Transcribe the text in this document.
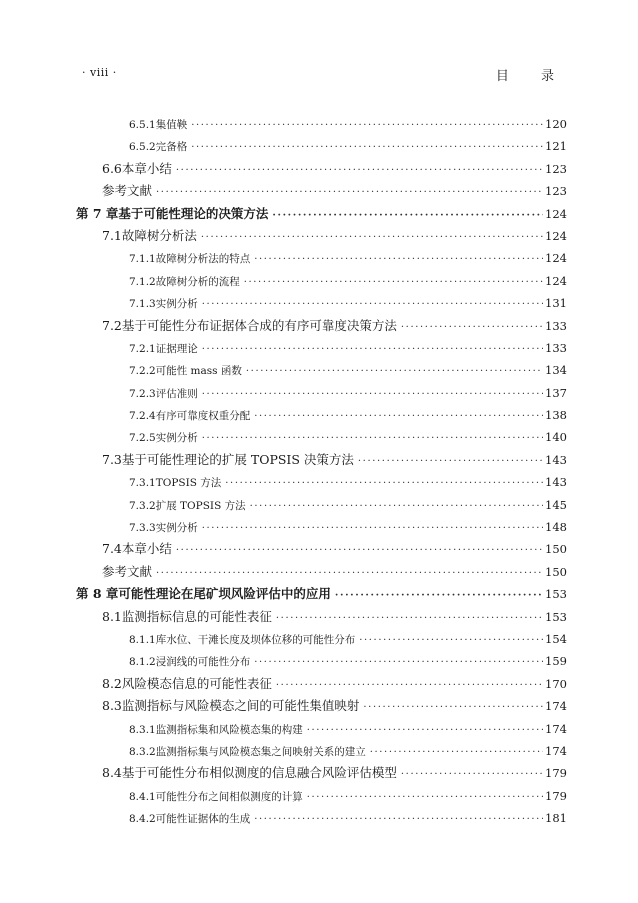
· viii ·	目 录
6.5.1 集值鞅 ·····	120
6.5.2 完备格 ·····	121
6.6 本章小结 ·····	123
参考文献 ·····	123
第 7 章 基于可能性理论的决策方法 ·····	124
7.1 故障树分析法 ·····	124
7.1.1 故障树分析法的特点 ·····	124
7.1.2 故障树分析的流程 ·····	124
7.1.3 实例分析 ·····	131
7.2 基于可能性分布证据体合成的有序可靠度决策方法 ·····	133
7.2.1 证据理论 ·····	133
7.2.2 可能性 mass 函数 ·····	134
7.2.3 评估准则 ·····	137
7.2.4 有序可靠度权重分配 ·····	138
7.2.5 实例分析 ·····	140
7.3 基于可能性理论的扩展 TOPSIS 决策方法 ·····	143
7.3.1 TOPSIS 方法 ·····	143
7.3.2 扩展 TOPSIS 方法 ·····	145
7.3.3 实例分析 ·····	148
7.4 本章小结 ·····	150
参考文献 ·····	150
第 8 章 可能性理论在尾矿坝风险评估中的应用 ·····	153
8.1 监测指标信息的可能性表征 ·····	153
8.1.1 库水位、干滩长度及坝体位移的可能性分布 ·····	154
8.1.2 浸润线的可能性分布 ·····	159
8.2 风险模态信息的可能性表征 ·····	170
8.3 监测指标与风险模态之间的可能性集值映射 ·····	174
8.3.1 监测指标集和风险模态集的构建 ·····	174
8.3.2 监测指标集与风险模态集之间映射关系的建立 ·····	174
8.4 基于可能性分布相似测度的信息融合风险评估模型 ·····	179
8.4.1 可能性分布之间相似测度的计算 ·····	179
8.4.2 可能性证据体的生成 ·····	181
